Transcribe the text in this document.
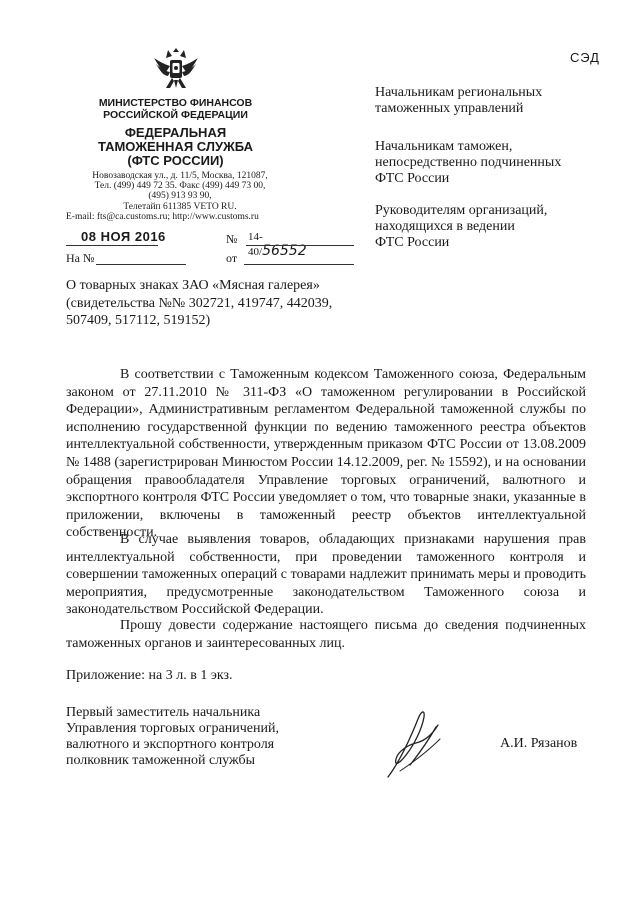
СЭД
МИНИСТЕРСТВО ФИНАНСОВ
РОССИЙСКОЙ ФЕДЕРАЦИИ
ФЕДЕРАЛЬНАЯ
ТАМОЖЕННАЯ СЛУЖБА
(ФТС РОССИИ)
Новозаводская ул., д. 11/5, Москва, 121087,
Тел. (499) 449 72 35. Факс (499) 449 73 00,
(495) 913 93 90,
Телетайп 611385 VETO RU.
E-mail: fts@ca.customs.ru; http://www.customs.ru
08 НОЯ 2016	№ 14-40/56552
На №	от
Начальникам региональных
таможенных управлений
Начальникам таможен,
непосредственно подчиненных
ФТС России
Руководителям организаций,
находящихся в ведении
ФТС России
О товарных знаках ЗАО «Мясная галерея»
(свидетельства №№ 302721, 419747, 442039,
507409, 517112, 519152)
В соответствии с Таможенным кодексом Таможенного союза, Федеральным законом от 27.11.2010 № 311-ФЗ «О таможенном регулировании в Российской Федерации», Административным регламентом Федеральной таможенной службы по исполнению государственной функции по ведению таможенного реестра объектов интеллектуальной собственности, утвержденным приказом ФТС России от 13.08.2009 № 1488 (зарегистрирован Минюстом России 14.12.2009, рег. № 15592), и на основании обращения правообладателя Управление торговых ограничений, валютного и экспортного контроля ФТС России уведомляет о том, что товарные знаки, указанные в приложении, включены в таможенный реестр объектов интеллектуальной собственности.
В случае выявления товаров, обладающих признаками нарушения прав интеллектуальной собственности, при проведении таможенного контроля и совершении таможенных операций с товарами надлежит принимать меры и проводить мероприятия, предусмотренные законодательством Таможенного союза и законодательством Российской Федерации.
Прошу довести содержание настоящего письма до сведения подчиненных таможенных органов и заинтересованных лиц.
Приложение: на 3 л. в 1 экз.
Первый заместитель начальника
Управления торговых ограничений,
валютного и экспортного контроля
полковник таможенной службы
А.И. Рязанов
